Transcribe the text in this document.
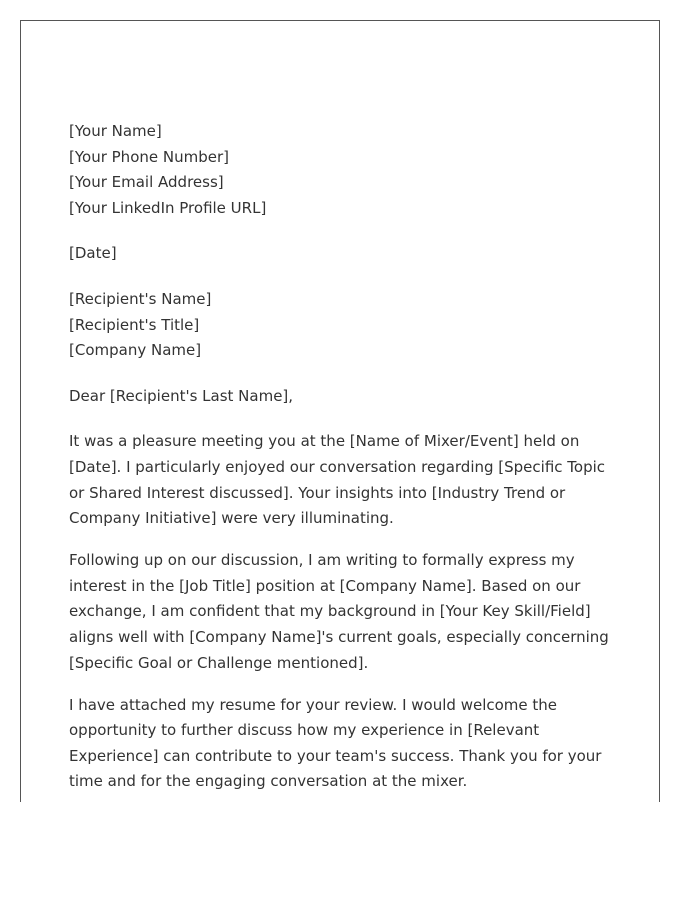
[Your Name]
[Your Phone Number]
[Your Email Address]
[Your LinkedIn Profile URL]
[Date]
[Recipient's Name]
[Recipient's Title]
[Company Name]
Dear [Recipient's Last Name],

It was a pleasure meeting you at the [Name of Mixer/Event] held on [Date]. I particularly enjoyed our conversation regarding [Specific Topic or Shared Interest discussed]. Your insights into [Industry Trend or Company Initiative] were very illuminating.

Following up on our discussion, I am writing to formally express my interest in the [Job Title] position at [Company Name]. Based on our exchange, I am confident that my background in [Your Key Skill/Field] aligns well with [Company Name]'s current goals, especially concerning [Specific Goal or Challenge mentioned].

I have attached my resume for your review. I would welcome the opportunity to further discuss how my experience in [Relevant Experience] can contribute to your team's success. Thank you for your time and for the engaging conversation at the mixer.
